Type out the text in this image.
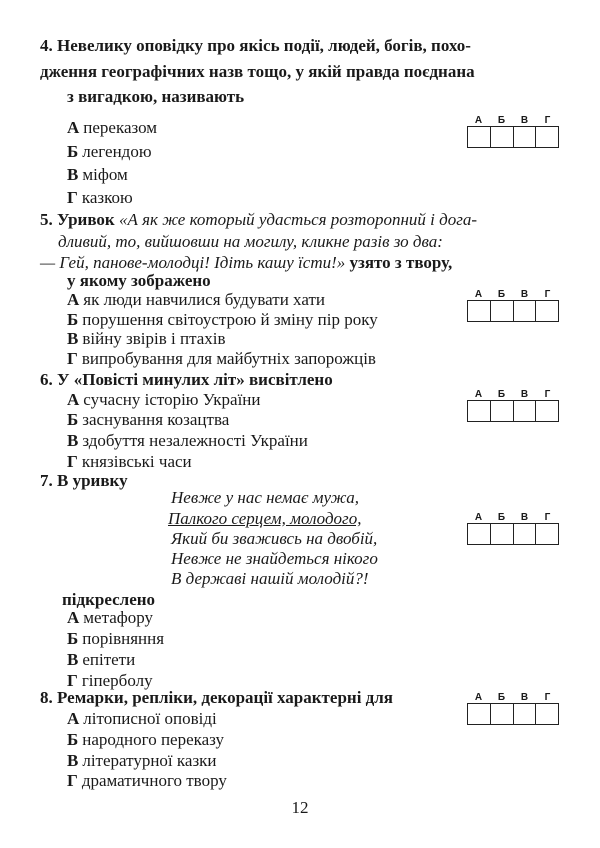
4. Невелику оповідку про якісь події, людей, богів, похо-
дження географічних назв тощо, у якій правда поєднана
з вигадкою, називають
А переказом
Б легендою
В міфом
Г казкою
А	Б	В	Г
5. Уривок «А як же который удасться розторопний і дога-
дливий, то, вийшовши на могилу, кликне разів зо два:
— Гей, панове-молодці! Ідіть кашу їсти!» узято з твору,
у якому зображено
А як люди навчилися будувати хати
Б порушення світоустрою й зміну пір року
В війну звірів і птахів
Г випробування для майбутніх запорожців
А	Б	В	Г
6. У «Повісті минулих літ» висвітлено
А сучасну історію України
Б заснування козацтва
В здобуття незалежності України
Г князівські часи
А	Б	В	Г
7. В уривку
Невже у нас немає мужа,
Палкого серцем, молодого,
Який би зваживсь на двобій,
Невже не знайдеться нікого
В державі нашій молодій?!
А	Б	В	Г
підкреслено
А метафору
Б порівняння
В епітети
Г гіперболу
8. Ремарки, репліки, декорації характерні для
А літописної оповіді
Б народного переказу
В літературної казки
Г драматичного твору
А	Б	В	Г
12
